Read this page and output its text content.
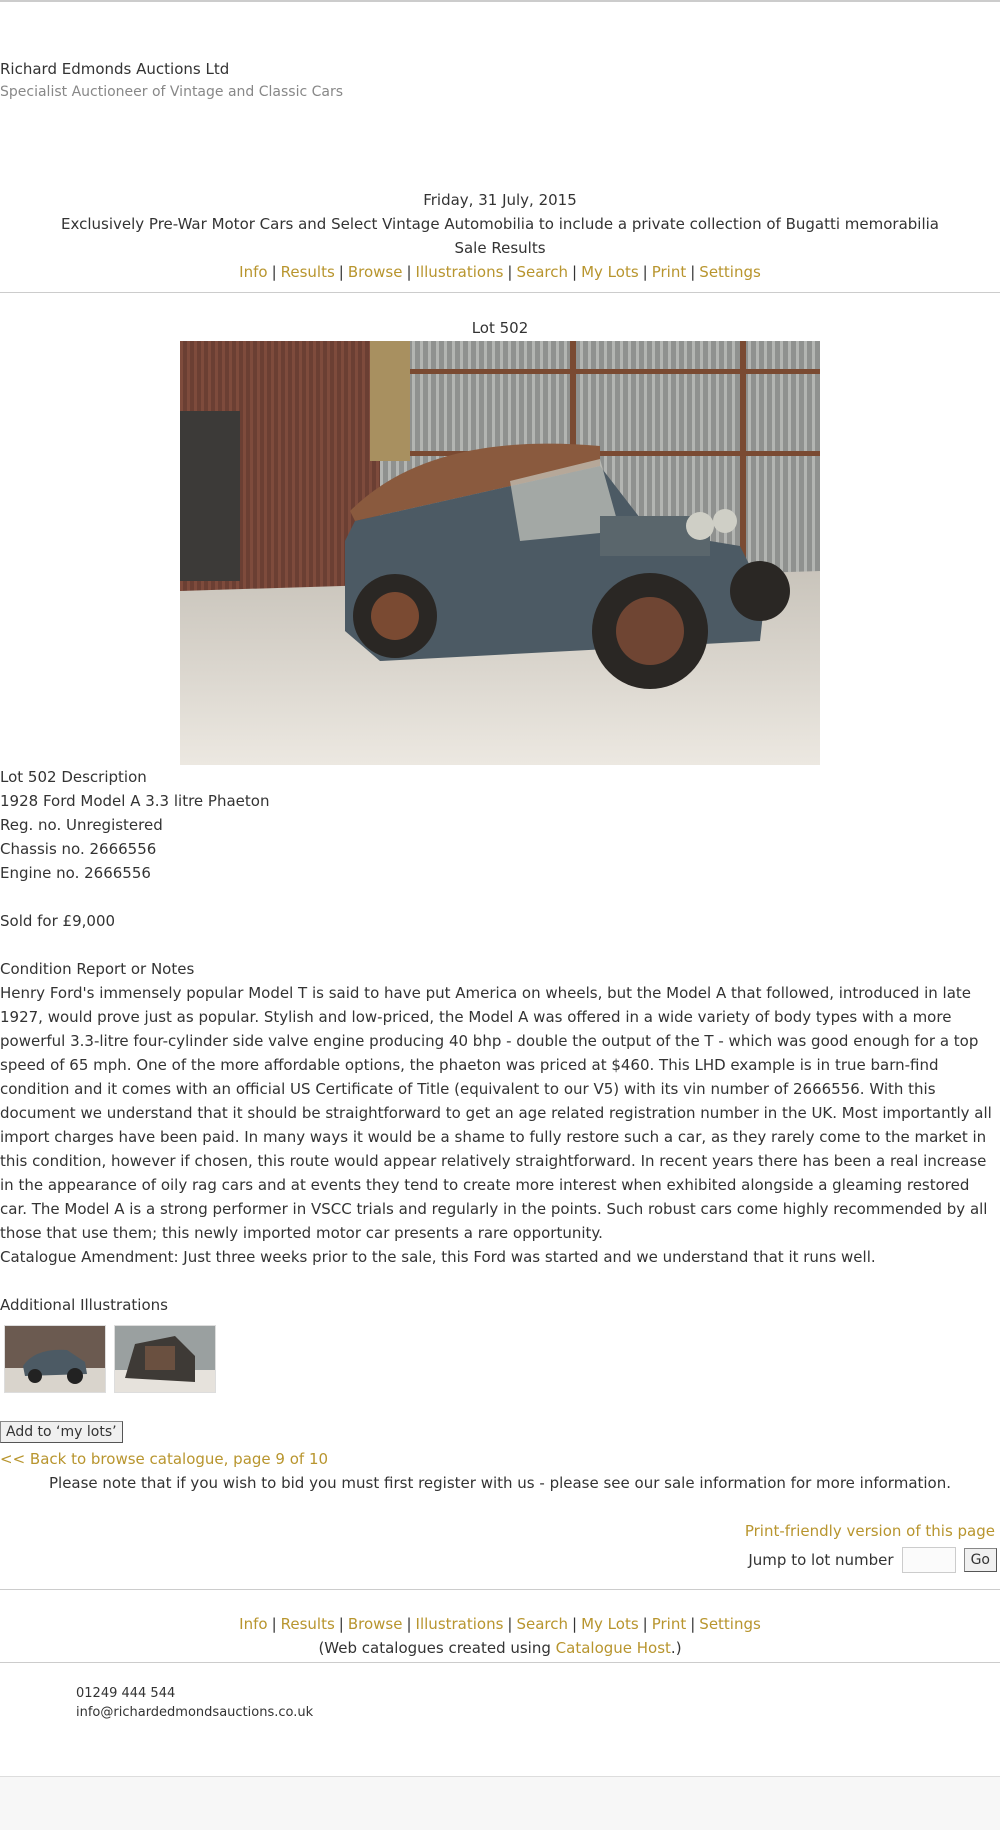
Richard Edmonds Auctions Ltd
Specialist Auctioneer of Vintage and Classic Cars
Friday, 31 July, 2015
Exclusively Pre-War Motor Cars and Select Vintage Automobilia to include a private collection of Bugatti memorabilia
Sale Results
Info | Results | Browse | Illustrations | Search | My Lots | Print | Settings
Lot 502

Lot 502 Description

1928 Ford Model A 3.3 litre Phaeton

Reg. no. Unregistered

Chassis no. 2666556

Engine no. 2666556

Sold for £9,000

Condition Report or Notes

Henry Ford's immensely popular Model T is said to have put America on wheels, but the Model A that followed, introduced in late 1927, would prove just as popular. Stylish and low-priced, the Model A was offered in a wide variety of body types with a more powerful 3.3-litre four-cylinder side valve engine producing 40 bhp - double the output of the T - which was good enough for a top speed of 65 mph. One of the more affordable options, the phaeton was priced at $460. This LHD example is in true barn-find condition and it comes with an official US Certificate of Title (equivalent to our V5) with its vin number of 2666556. With this document we understand that it should be straightforward to get an age related registration number in the UK. Most importantly all import charges have been paid. In many ways it would be a shame to fully restore such a car, as they rarely come to the market in this condition, however if chosen, this route would appear relatively straightforward. In recent years there has been a real increase in the appearance of oily rag cars and at events they tend to create more interest when exhibited alongside a gleaming restored car. The Model A is a strong performer in VSCC trials and regularly in the points. Such robust cars come highly recommended by all those that use them; this newly imported motor car presents a rare opportunity.

Catalogue Amendment: Just three weeks prior to the sale, this Ford was started and we understand that it runs well.

Additional Illustrations

Add to ‘my lots’
<< Back to browse catalogue, page 9 of 10
Please note that if you wish to bid you must first register with us - please see our sale information for more information.
Print-friendly version of this page
Jump to lot number	Go
Info | Results | Browse | Illustrations | Search | My Lots | Print | Settings
(Web catalogues created using Catalogue Host.)
01249 444 544
info@richardedmondsauctions.co.uk
